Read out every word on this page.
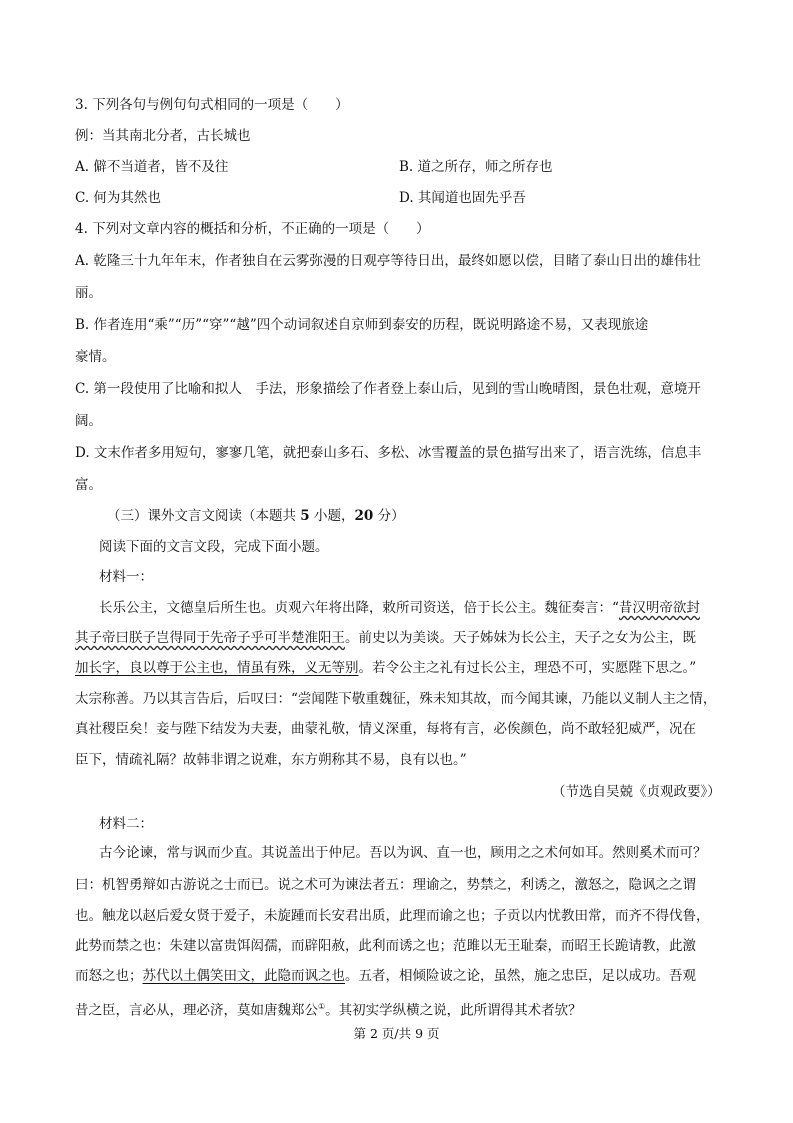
3. 下列各句与例句句式相同的一项是（　　）
例：当其南北分者，古长城也
A. 僻不当道者，皆不及往	B. 道之所存，师之所存也
C. 何为其然也	D. 其闻道也固先乎吾
4. 下列对文章内容的概括和分析，不正确的一项是（　　）
A. 乾隆三十九年年末，作者独自在云雾弥漫的日观亭等待日出，最终如愿以偿，目睹了泰山日出的雄伟壮
丽。
B. 作者连用“乘”“历”“穿”“越”四个动词叙述自京师到泰安的历程，既说明路途不易，又表现旅途
豪情。
C. 第一段使用了比喻和拟人　手法，形象描绘了作者登上泰山后，见到的雪山晚晴图，景色壮观，意境开
阔。
D. 文末作者多用短句，寥寥几笔，就把泰山多石、多松、冰雪覆盖的景色描写出来了，语言洗练，信息丰
富。
（三）课外文言文阅读（本题共 5 小题，20 分）
阅读下面的文言文段，完成下面小题。
材料一：
长乐公主，文德皇后所生也。贞观六年将出降，敕所司资送，倍于长公主。魏征奏言：“昔汉明帝欲封
其子帝曰朕子岂得同于先帝子乎可半楚淮阳王。前史以为美谈。天子姊妹为长公主，天子之女为公主，既
加长字，良以尊于公主也，情虽有殊，义无等别。若令公主之礼有过长公主，理恐不可，实愿陛下思之。”
太宗称善。乃以其言告后，后叹曰：“尝闻陛下敬重魏征，殊未知其故，而今闻其谏，乃能以义制人主之情，
真社稷臣矣！妾与陛下结发为夫妻，曲蒙礼敬，情义深重，每将有言，必俟颜色，尚不敢轻犯威严，况在
臣下，情疏礼隔？故韩非谓之说难，东方朔称其不易，良有以也。”
（节选自吴兢《贞观政要》）
材料二：
古今论谏，常与讽而少直。其说盖出于仲尼。吾以为讽、直一也，顾用之之术何如耳。然则奚术而可？
曰：机智勇辩如古游说之士而已。说之术可为谏法者五：理谕之，势禁之，利诱之，激怒之，隐讽之之谓
也。触龙以赵后爱女贤于爱子，未旋踵而长安君出质，此理而谕之也；子贡以内忧教田常，而齐不得伐鲁，
此势而禁之也：朱建以富贵饵闳孺，而辟阳赦，此利而诱之也；范雎以无王耻秦，而昭王长跪请教，此激
而怒之也；苏代以土偶笑田文，此隐而讽之也。五者，相倾险诐之论，虽然，施之忠臣，足以成功。吾观
昔之臣，言必从，理必济，莫如唐魏郑公①。其初实学纵横之说，此所谓得其术者欤？
第 2 页/共 9 页
